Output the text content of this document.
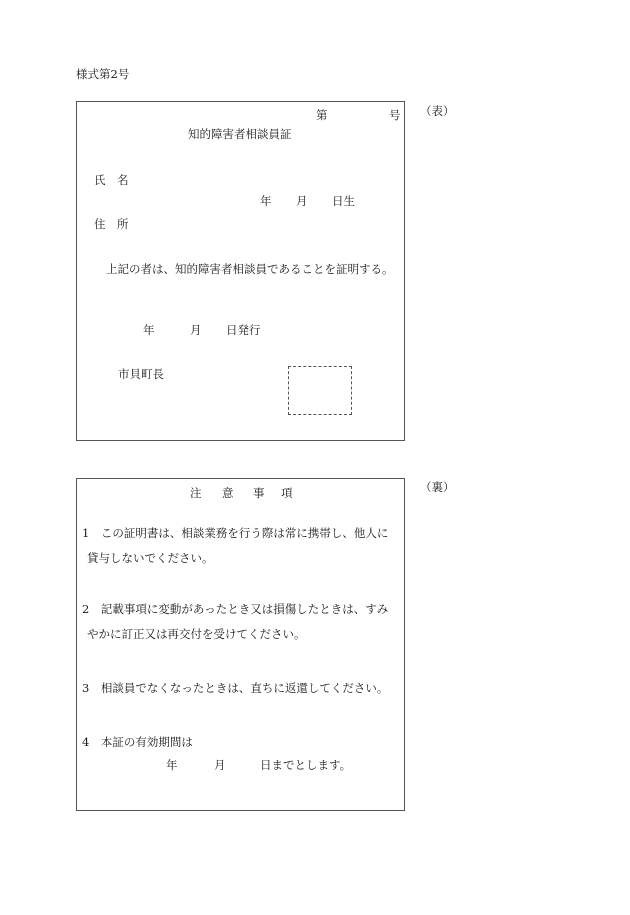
様式第2号
（表）
第	号
知的障害者相談員証
氏　名
年 月 日生
住　所
上記の者は、知的障害者相談員であることを証明する。
年	月 日発行
市貝町長
（裏）
注 意 事 項
1　この証明書は、相談業務を行う際は常に携帯し、他人に
貸与しないでください。
2　記載事項に変動があったとき又は損傷したときは、すみ
やかに訂正又は再交付を受けてください。
3　相談員でなくなったときは、直ちに返還してください。
4　本証の有効期間は
年	月	日までとします。
